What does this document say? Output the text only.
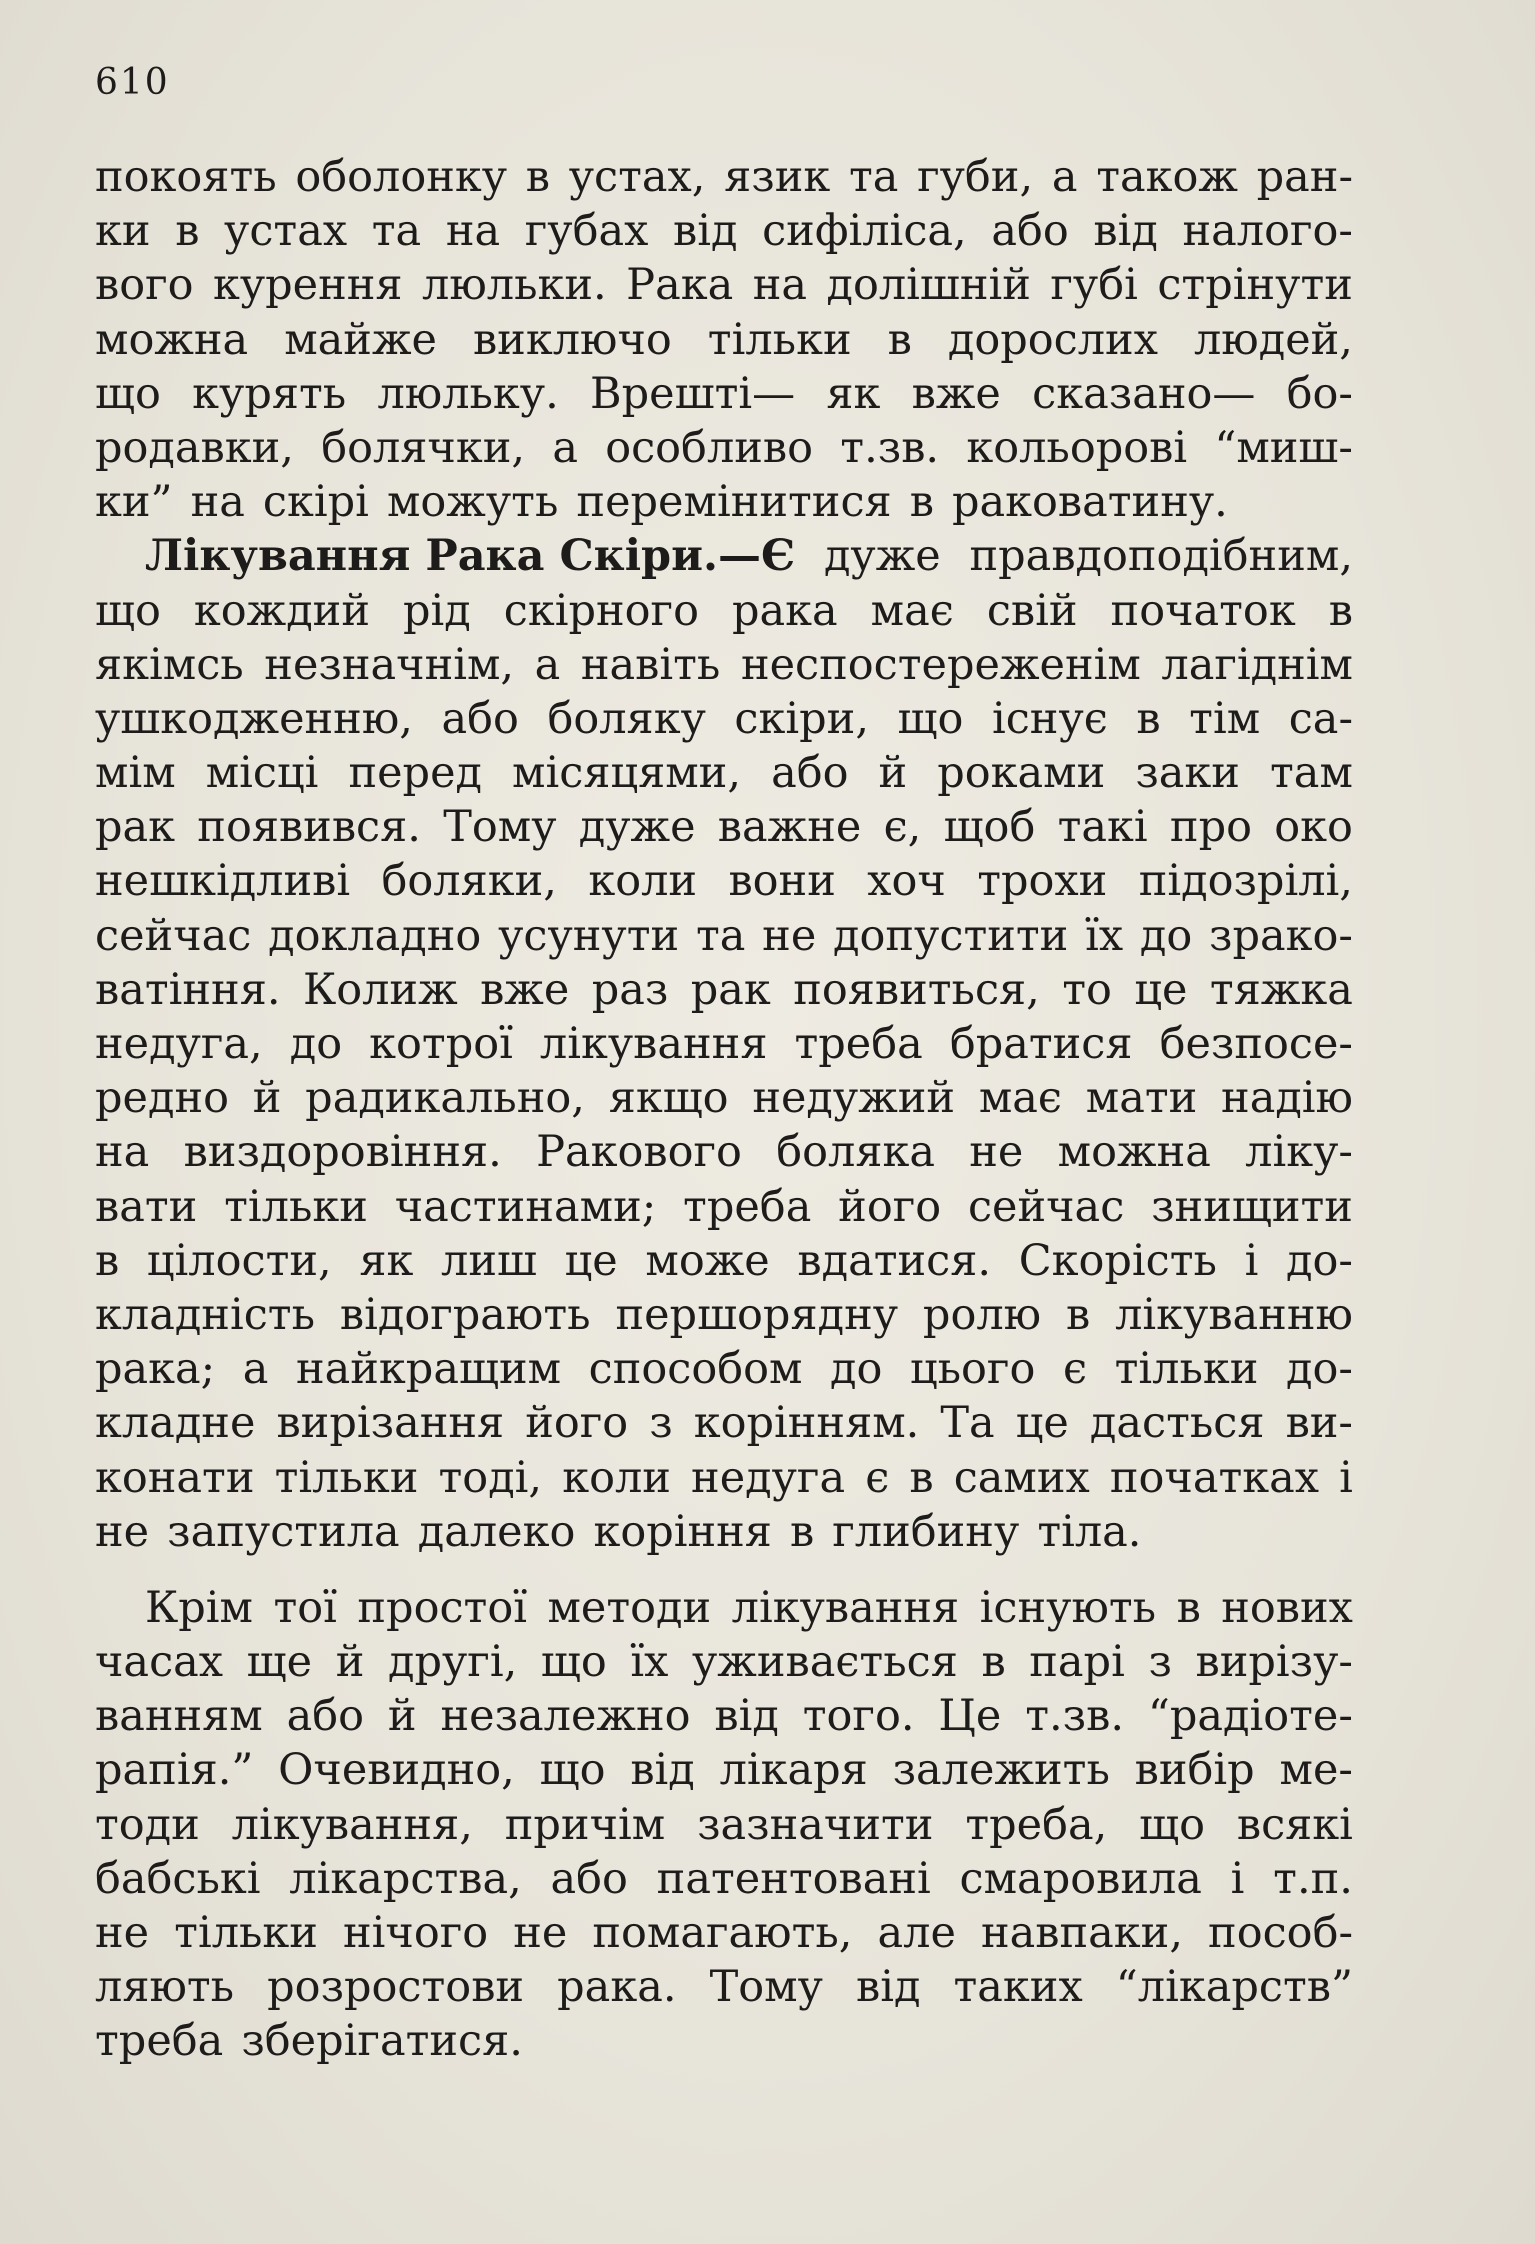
610
покоять оболонку в устах, язик та губи, а також ран-
ки в устах та на губах від сифіліса, або від налого-
вого курення люльки. Рака на долішній губі стрінути
можна майже виключо тільки в дорослих людей,
що курять люльку. Врешті— як вже сказано— бо-
родавки, болячки, а особливо т.зв. кольорові “миш-
ки” на скірі можуть перемінитися в раковатину.
Лікування Рака Скіри.—Є дуже правдоподібним,
що кождий рід скірного рака має свій початок в
якімсь незначнім, а навіть неспостереженім лагіднім
ушкодженню, або боляку скіри, що існує в тім са-
мім місці перед місяцями, або й роками заки там
рак появився. Тому дуже важне є, щоб такі про око
нешкідливі боляки, коли вони хоч трохи підозрілі,
сейчас докладно усунути та не допустити їх до зрако-
ватіння. Колиж вже раз рак появиться, то це тяжка
недуга, до котрої лікування треба братися безпосе-
редно й радикально, якщо недужий має мати надію
на виздоровіння. Ракового боляка не можна ліку-
вати тільки частинами; треба його сейчас знищити
в цілости, як лиш це може вдатися. Скорість і до-
кладність відограють першорядну ролю в лікуванню
рака; а найкращим способом до цього є тільки до-
кладне вирізання його з корінням. Та це дасться ви-
конати тільки тоді, коли недуга є в самих початках і
не запустила далеко коріння в глибину тіла.
Крім тої простої методи лікування існують в нових
часах ще й другі, що їх уживається в парі з вирізу-
ванням або й незалежно від того. Це т.зв. “радіоте-
рапія.” Очевидно, що від лікаря залежить вибір ме-
тоди лікування, причім зазначити треба, що всякі
бабські лікарства, або патентовані смаровила і т.п.
не тільки нічого не помагають, але навпаки, пособ-
ляють розростови рака. Тому від таких “лікарств”
треба зберігатися.
